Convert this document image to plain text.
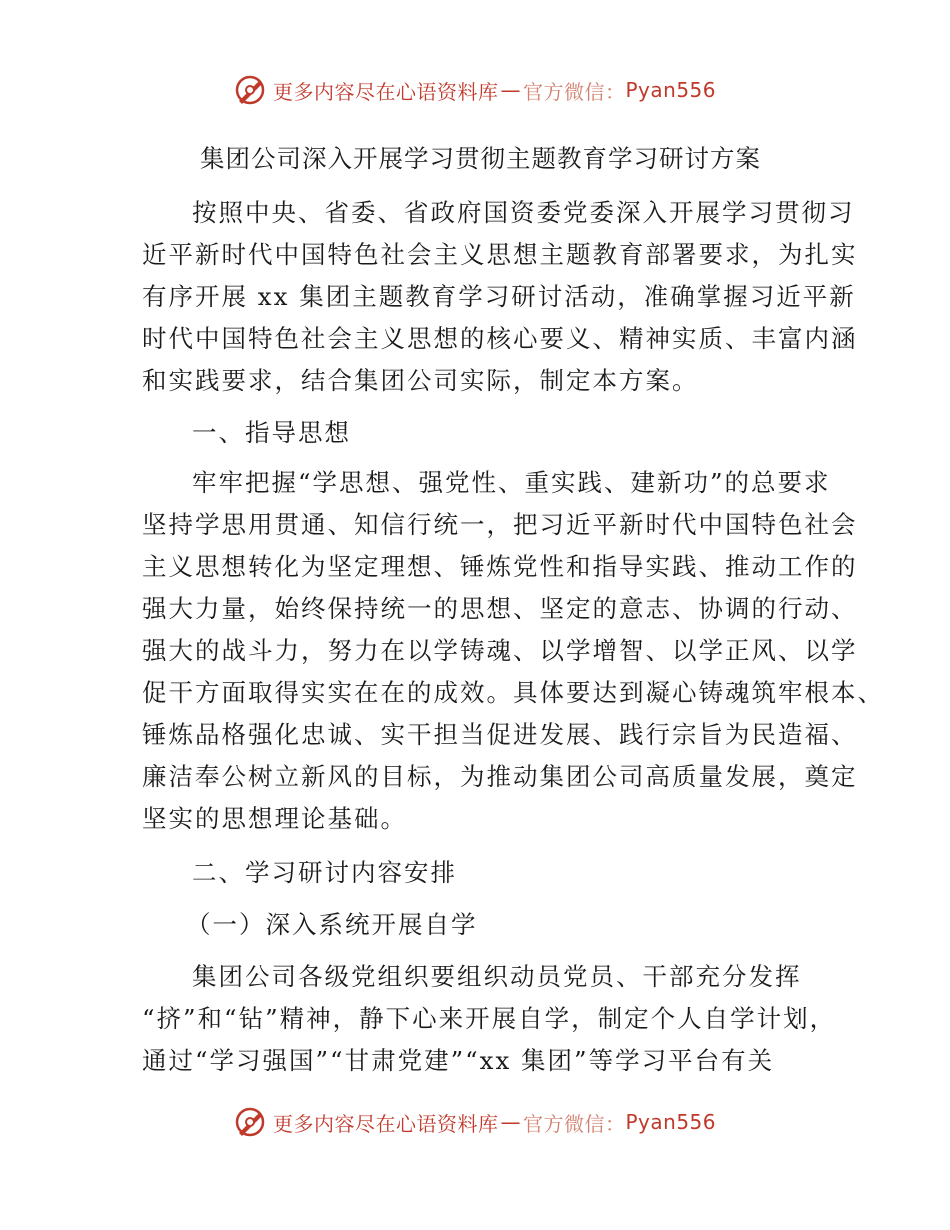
更多内容尽在心语资料库 — 官方微信： Pyan556

集团公司深入开展学习贯彻主题教育学习研讨方案

按照中央、省委、省政府国资委党委深入开展学习贯彻习

近平新时代中国特色社会主义思想主题教育部署要求，为扎实

有序开展 xx 集团主题教育学习研讨活动，准确掌握习近平新

时代中国特色社会主义思想的核心要义、精神实质、丰富内涵

和实践要求，结合集团公司实际，制定本方案。

一、指导思想

牢牢把握“学思想、强党性、重实践、建新功”的总要求

坚持学思用贯通、知信行统一，把习近平新时代中国特色社会

主义思想转化为坚定理想、锤炼党性和指导实践、推动工作的

强大力量，始终保持统一的思想、坚定的意志、协调的行动、

强大的战斗力，努力在以学铸魂、以学增智、以学正风、以学

促干方面取得实实在在的成效。具体要达到凝心铸魂筑牢根本、

锤炼品格强化忠诚、实干担当促进发展、践行宗旨为民造福、

廉洁奉公树立新风的目标，为推动集团公司高质量发展，奠定

坚实的思想理论基础。

二、学习研讨内容安排

（一）深入系统开展自学

集团公司各级党组织要组织动员党员、干部充分发挥

“挤”和“钻”精神，静下心来开展自学，制定个人自学计划，

通过“学习强国”“甘肃党建”“xx 集团”等学习平台有关

更多内容尽在心语资料库 — 官方微信： Pyan556
